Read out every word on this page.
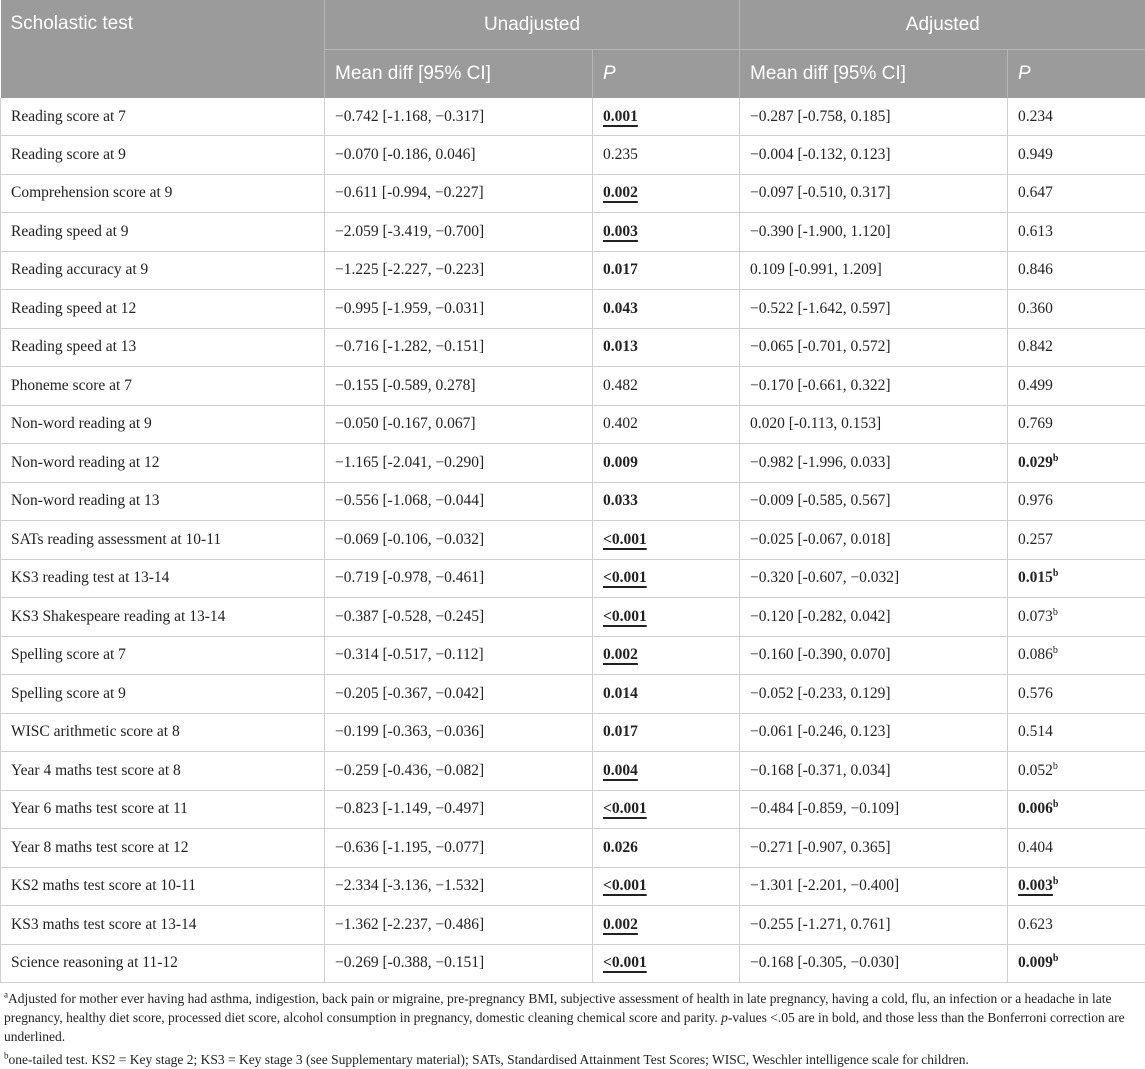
Scholastic test	Unadjusted		Adjusted	
	Mean diff [95% CI]	P	Mean diff [95% CI]	P
Reading score at 7	−0.742 [-1.168, −0.317]	0.001	−0.287 [-0.758, 0.185]	0.234
Reading score at 9	−0.070 [-0.186, 0.046]	0.235	−0.004 [-0.132, 0.123]	0.949
Comprehension score at 9	−0.611 [-0.994, −0.227]	0.002	−0.097 [-0.510, 0.317]	0.647
Reading speed at 9	−2.059 [-3.419, −0.700]	0.003	−0.390 [-1.900, 1.120]	0.613
Reading accuracy at 9	−1.225 [-2.227, −0.223]	0.017	0.109 [-0.991, 1.209]	0.846
Reading speed at 12	−0.995 [-1.959, −0.031]	0.043	−0.522 [-1.642, 0.597]	0.360
Reading speed at 13	−0.716 [-1.282, −0.151]	0.013	−0.065 [-0.701, 0.572]	0.842
Phoneme score at 7	−0.155 [-0.589, 0.278]	0.482	−0.170 [-0.661, 0.322]	0.499
Non-word reading at 9	−0.050 [-0.167, 0.067]	0.402	0.020 [-0.113, 0.153]	0.769
Non-word reading at 12	−1.165 [-2.041, −0.290]	0.009	−0.982 [-1.996, 0.033]	0.029$^b$
Non-word reading at 13	−0.556 [-1.068, −0.044]	0.033	−0.009 [-0.585, 0.567]	0.976
SATs reading assessment at 10-11	−0.069 [-0.106, −0.032]	<0.001	−0.025 [-0.067, 0.018]	0.257
KS3 reading test at 13-14	−0.719 [-0.978, −0.461]	<0.001	−0.320 [-0.607, −0.032]	0.015$^b$
KS3 Shakespeare reading at 13-14	−0.387 [-0.528, −0.245]	<0.001	−0.120 [-0.282, 0.042]	0.073$^b$
Spelling score at 7	−0.314 [-0.517, −0.112]	0.002	−0.160 [-0.390, 0.070]	0.086$^b$
Spelling score at 9	−0.205 [-0.367, −0.042]	0.014	−0.052 [-0.233, 0.129]	0.576
WISC arithmetic score at 8	−0.199 [-0.363, −0.036]	0.017	−0.061 [-0.246, 0.123]	0.514
Year 4 maths test score at 8	−0.259 [-0.436, −0.082]	0.004	−0.168 [-0.371, 0.034]	0.052$^b$
Year 6 maths test score at 11	−0.823 [-1.149, −0.497]	<0.001	−0.484 [-0.859, −0.109]	0.006$^b$
Year 8 maths test score at 12	−0.636 [-1.195, −0.077]	0.026	−0.271 [-0.907, 0.365]	0.404
KS2 maths test score at 10-11	−2.334 [-3.136, −1.532]	<0.001	−1.301 [-2.201, −0.400]	0.003$^b$
KS3 maths test score at 13-14	−1.362 [-2.237, −0.486]	0.002	−0.255 [-1.271, 0.761]	0.623
Science reasoning at 11-12	−0.269 [-0.388, −0.151]	<0.001	−0.168 [-0.305, −0.030]	0.009$^b$

$^a$Adjusted for mother ever having had asthma, indigestion, back pain or migraine, pre-pregnancy BMI, subjective assessment of health in late pregnancy, having a cold, flu, an infection or a headache in late pregnancy, healthy diet score, processed diet score, alcohol consumption in pregnancy, domestic cleaning chemical score and parity. p-values <.05 are in bold, and those less than the Bonferroni correction are underlined.

$^b$one-tailed test. KS2 = Key stage 2; KS3 = Key stage 3 (see Supplementary material); SATs, Standardised Attainment Test Scores; WISC, Weschler intelligence scale for children.
